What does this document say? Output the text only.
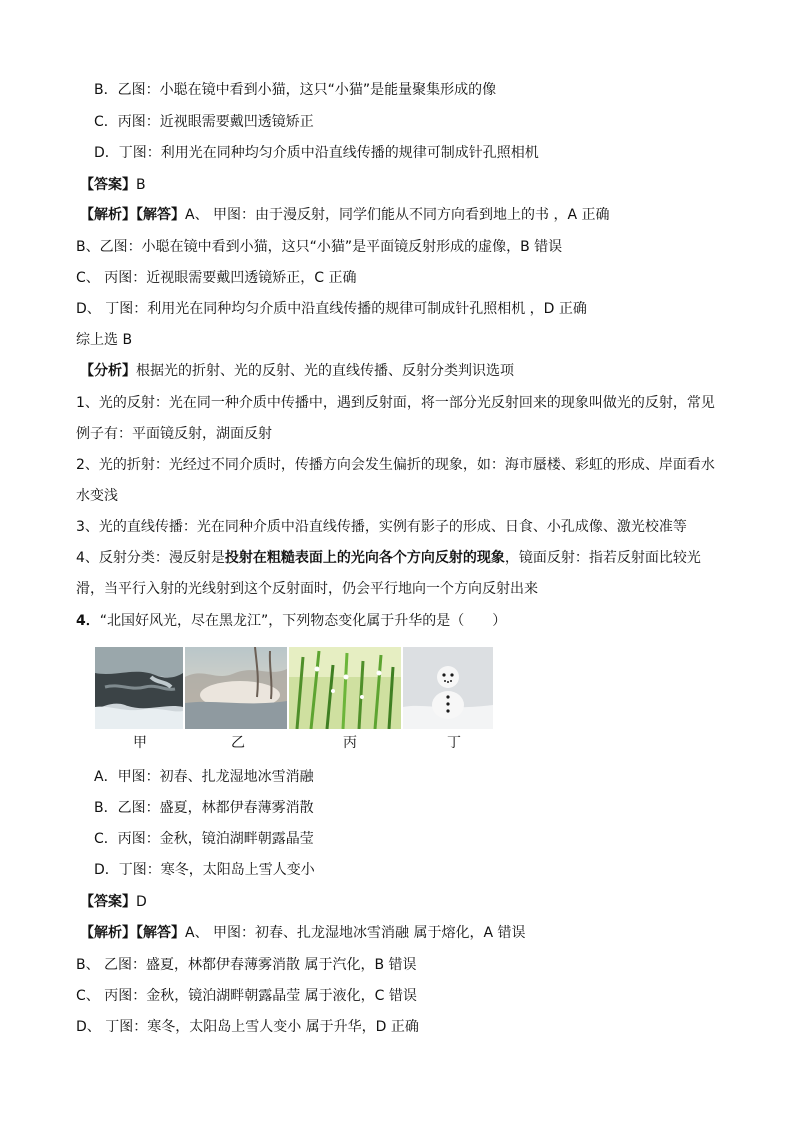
B．乙图：小聪在镜中看到小猫，这只“小猫”是能量聚集形成的像
C．丙图：近视眼需要戴凹透镜矫正
D．丁图：利用光在同种均匀介质中沿直线传播的规律可制成针孔照相机
【答案】B
【解析】【解答】A、 甲图：由于漫反射，同学们能从不同方向看到地上的书 ，A 正确
B、乙图：小聪在镜中看到小猫，这只“小猫”是平面镜反射形成的虚像，B 错误
C、 丙图：近视眼需要戴凹透镜矫正，C 正确
D、 丁图：利用光在同种均匀介质中沿直线传播的规律可制成针孔照相机 ，D 正确
综上选 B
【分析】根据光的折射、光的反射、光的直线传播、反射分类判识选项
1、光的反射：光在同一种介质中传播中，遇到反射面，将一部分光反射回来的现象叫做光的反射，常见
例子有：平面镜反射，湖面反射
2、光的折射：光经过不同介质时，传播方向会发生偏折的现象，如：海市蜃楼、彩虹的形成、岸面看水
水变浅
3、光的直线传播：光在同种介质中沿直线传播，实例有影子的形成、日食、小孔成像、激光校准等
4、反射分类：漫反射是投射在粗糙表面上的光向各个方向反射的现象，镜面反射：指若反射面比较光
滑，当平行入射的光线射到这个反射面时，仍会平行地向一个方向反射出来
4．“北国好风光，尽在黑龙江”，下列物态变化属于升华的是（　　）
甲	乙	丙	丁
A．甲图：初春、扎龙湿地冰雪消融
B．乙图：盛夏，林都伊春薄雾消散
C．丙图：金秋，镜泊湖畔朝露晶莹
D．丁图：寒冬，太阳岛上雪人变小
【答案】D
【解析】【解答】A、 甲图：初春、扎龙湿地冰雪消融 属于熔化，A 错误
B、 乙图：盛夏，林都伊春薄雾消散 属于汽化，B 错误
C、 丙图：金秋，镜泊湖畔朝露晶莹 属于液化，C 错误
D、 丁图：寒冬，太阳岛上雪人变小 属于升华，D 正确
